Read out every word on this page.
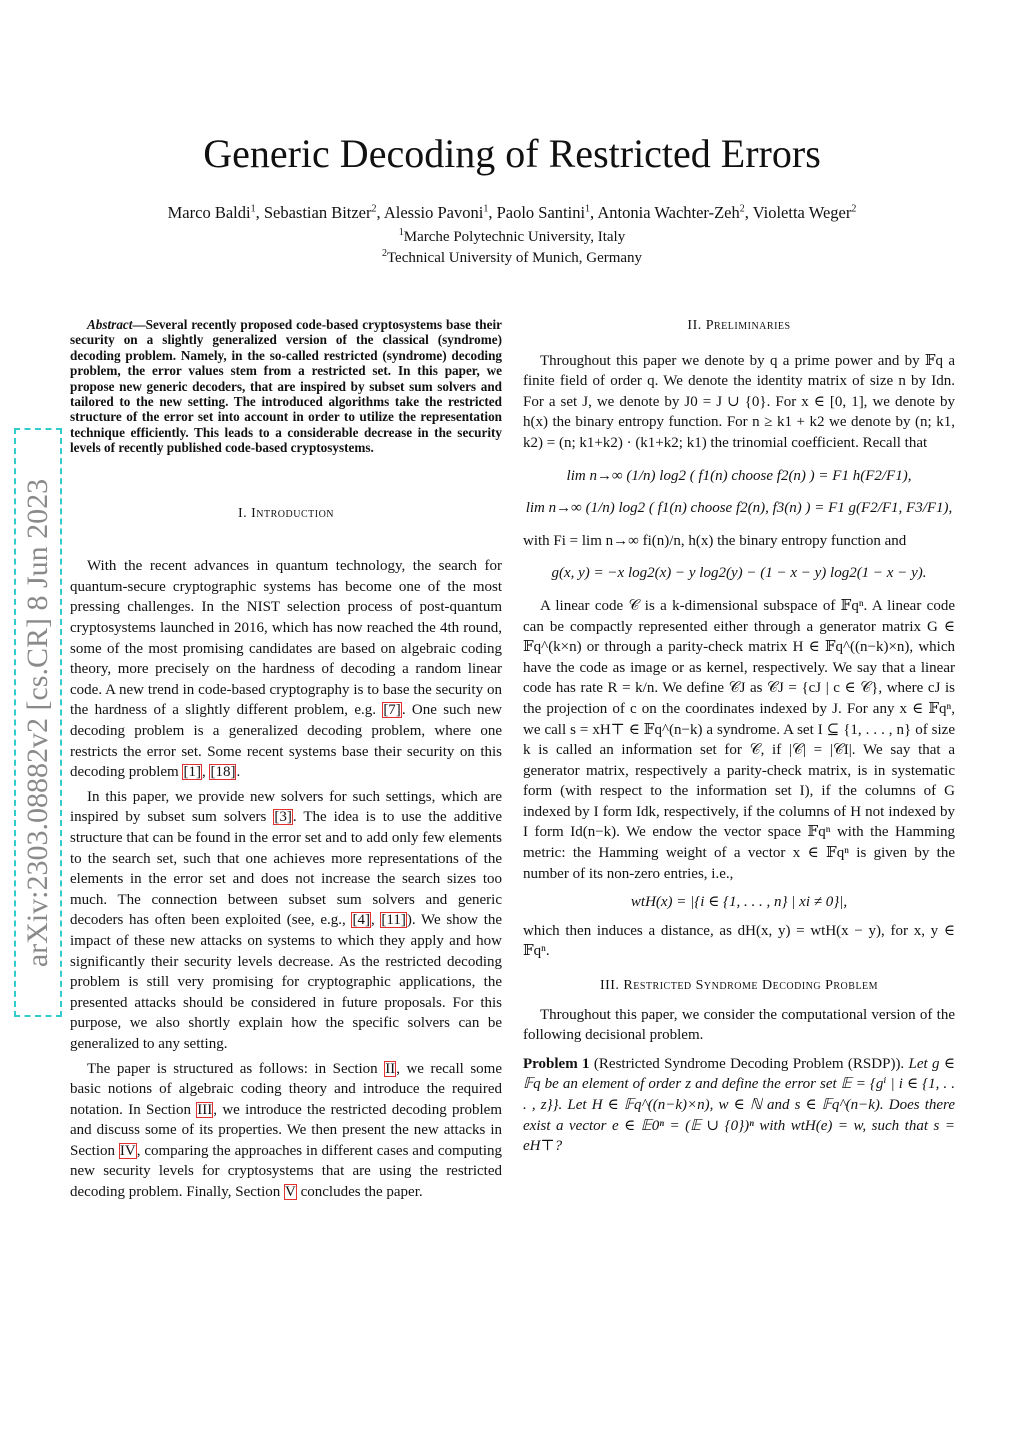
Generic Decoding of Restricted Errors
Marco Baldi$^1$, Sebastian Bitzer$^2$, Alessio Pavoni$^1$, Paolo Santini$^1$, Antonia Wachter-Zeh$^2$, Violetta Weger$^2$
$^1$Marche Polytechnic University, Italy
$^2$Technical University of Munich, Germany
arXiv:2303.08882v2 [cs.CR] 8 Jun 2023
Abstract—Several recently proposed code-based cryptosystems base their security on a slightly generalized version of the classical (syndrome) decoding problem. Namely, in the so-called restricted (syndrome) decoding problem, the error values stem from a restricted set. In this paper, we propose new generic decoders, that are inspired by subset sum solvers and tailored to the new setting. The introduced algorithms take the restricted structure of the error set into account in order to utilize the representation technique efficiently. This leads to a considerable decrease in the security levels of recently published code-based cryptosystems.
I. Introduction

With the recent advances in quantum technology, the search for quantum-secure cryptographic systems has become one of the most pressing challenges. In the NIST selection process of post-quantum cryptosystems launched in 2016, which has now reached the 4th round, some of the most promising candidates are based on algebraic coding theory, more precisely on the hardness of decoding a random linear code. A new trend in code-based cryptography is to base the security on the hardness of a slightly different problem, e.g. [7]. One such new decoding problem is a generalized decoding problem, where one restricts the error set. Some recent systems base their security on this decoding problem [1], [18].

In this paper, we provide new solvers for such settings, which are inspired by subset sum solvers [3]. The idea is to use the additive structure that can be found in the error set and to add only few elements to the search set, such that one achieves more representations of the elements in the error set and does not increase the search sizes too much. The connection between subset sum solvers and generic decoders has often been exploited (see, e.g., [4], [11]). We show the impact of these new attacks on systems to which they apply and how significantly their security levels decrease. As the restricted decoding problem is still very promising for cryptographic applications, the presented attacks should be considered in future proposals. For this purpose, we also shortly explain how the specific solvers can be generalized to any setting.

The paper is structured as follows: in Section II, we recall some basic notions of algebraic coding theory and introduce the required notation. In Section III, we introduce the restricted decoding problem and discuss some of its properties. We then present the new attacks in Section IV, comparing the approaches in different cases and computing new security levels for cryptosystems that are using the restricted decoding problem. Finally, Section V concludes the paper.

II. Preliminaries

Throughout this paper we denote by q a prime power and by 𝔽q a finite field of order q. We denote the identity matrix of size n by Idn. For a set J, we denote by J0 = J ∪ {0}. For x ∈ [0, 1], we denote by h(x) the binary entropy function. For n ≥ k1 + k2 we denote by (n; k1, k2) = (n; k1+k2) · (k1+k2; k1) the trinomial coefficient. Recall that

lim n→∞ (1/n) log2 ( f1(n) choose f2(n) ) = F1 h(F2/F1),
lim n→∞ (1/n) log2 ( f1(n) choose f2(n), f3(n) ) = F1 g(F2/F1, F3/F1),

with Fi = lim n→∞ fi(n)/n, h(x) the binary entropy function and

g(x, y) = −x log2(x) − y log2(y) − (1 − x − y) log2(1 − x − y).

A linear code 𝒞 is a k-dimensional subspace of 𝔽qⁿ. A linear code can be compactly represented either through a generator matrix G ∈ 𝔽q^(k×n) or through a parity-check matrix H ∈ 𝔽q^((n−k)×n), which have the code as image or as kernel, respectively. We say that a linear code has rate R = k/n. We define 𝒞J as 𝒞J = {cJ | c ∈ 𝒞}, where cJ is the projection of c on the coordinates indexed by J. For any x ∈ 𝔽qⁿ, we call s = xH⊤ ∈ 𝔽q^(n−k) a syndrome. A set I ⊆ {1, . . . , n} of size k is called an information set for 𝒞, if |𝒞| = |𝒞I|. We say that a generator matrix, respectively a parity-check matrix, is in systematic form (with respect to the information set I), if the columns of G indexed by I form Idk, respectively, if the columns of H not indexed by I form Id(n−k). We endow the vector space 𝔽qⁿ with the Hamming metric: the Hamming weight of a vector x ∈ 𝔽qⁿ is given by the number of its non-zero entries, i.e.,

wtH(x) = |{i ∈ {1, . . . , n} | xi ≠ 0}|,

which then induces a distance, as dH(x, y) = wtH(x − y), for x, y ∈ 𝔽qⁿ.

III. Restricted Syndrome Decoding Problem

Throughout this paper, we consider the computational version of the following decisional problem.

Problem 1 (Restricted Syndrome Decoding Problem (RSDP)). Let g ∈ 𝔽q be an element of order z and define the error set 𝔼 = {gⁱ | i ∈ {1, . . . , z}}. Let H ∈ 𝔽q^((n−k)×n), w ∈ ℕ and s ∈ 𝔽q^(n−k). Does there exist a vector e ∈ 𝔼0ⁿ = (𝔼 ∪ {0})ⁿ with wtH(e) = w, such that s = eH⊤?
